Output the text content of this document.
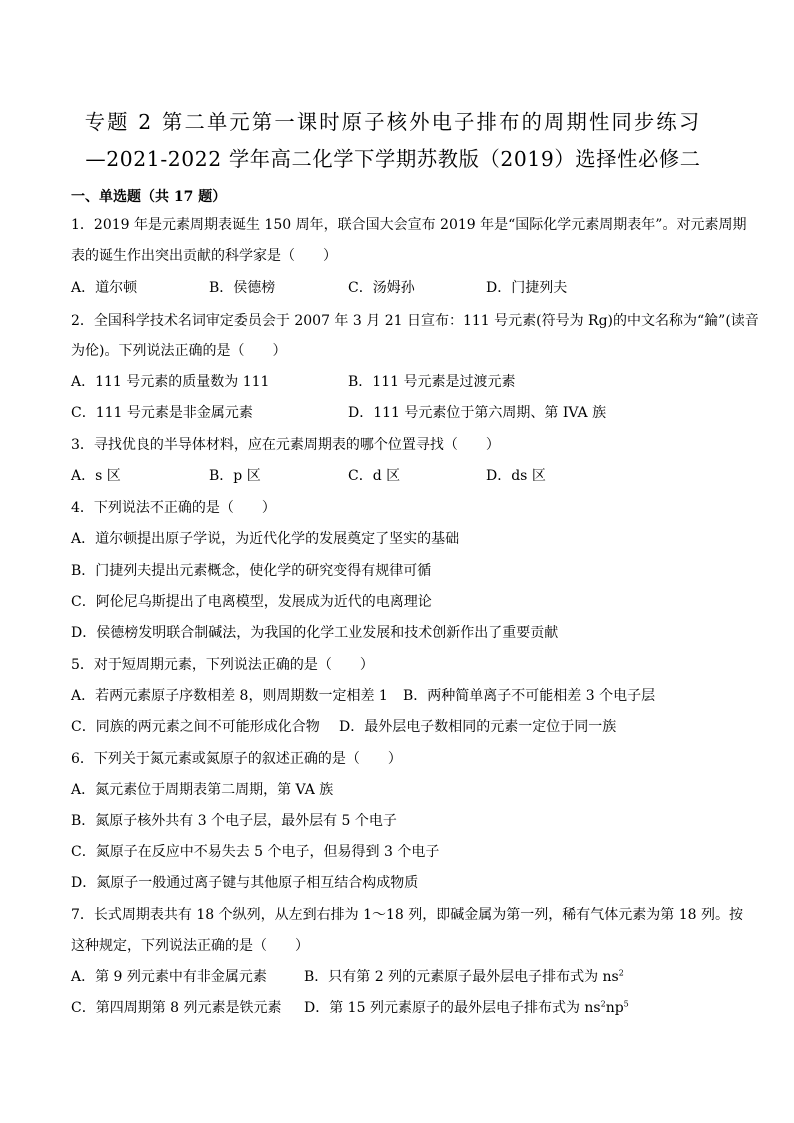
专题 2 第二单元第一课时原子核外电子排布的周期性同步练习
—2021-2022 学年高二化学下学期苏教版（2019）选择性必修二
一、单选题（共 17 题）
1．2019 年是元素周期表诞生 150 周年，联合国大会宣布 2019 年是“国际化学元素周期表年”。对元素周期
表的诞生作出突出贡献的科学家是（　　）
A．道尔顿	B．侯德榜	C．汤姆孙	D．门捷列夫
2．全国科学技术名词审定委员会于 2007 年 3 月 21 日宣布：111 号元素(符号为 Rg)的中文名称为“錀”(读音
为伦)。下列说法正确的是（　　）
A．111 号元素的质量数为 111	B．111 号元素是过渡元素
C．111 号元素是非金属元素	D．111 号元素位于第六周期、第 IVA 族
3．寻找优良的半导体材料，应在元素周期表的哪个位置寻找（　　）
A．s 区	B．p 区	C．d 区	D．ds 区
4．下列说法不正确的是（　　）
A．道尔顿提出原子学说，为近代化学的发展奠定了坚实的基础
B．门捷列夫提出元素概念，使化学的研究变得有规律可循
C．阿伦尼乌斯提出了电离模型，发展成为近代的电离理论
D．侯德榜发明联合制碱法，为我国的化学工业发展和技术创新作出了重要贡献
5．对于短周期元素，下列说法正确的是（　　）
A．若两元素原子序数相差 8，则周期数一定相差 1 B．两种简单离子不可能相差 3 个电子层
C．同族的两元素之间不可能形成化合物 D．最外层电子数相同的元素一定位于同一族
6．下列关于氮元素或氮原子的叙述正确的是（　　）
A．氮元素位于周期表第二周期，第 VA 族
B．氮原子核外共有 3 个电子层，最外层有 5 个电子
C．氮原子在反应中不易失去 5 个电子，但易得到 3 个电子
D．氮原子一般通过离子键与其他原子相互结合构成物质
7．长式周期表共有 18 个纵列，从左到右排为 1～18 列，即碱金属为第一列，稀有气体元素为第 18 列。按
这种规定，下列说法正确的是（　　）
A．第 9 列元素中有非金属元素	B．只有第 2 列的元素原子最外层电子排布式为 $ns^2$
C．第四周期第 8 列元素是铁元素 D．第 15 列元素原子的最外层电子排布式为 $ns^2np^5$
